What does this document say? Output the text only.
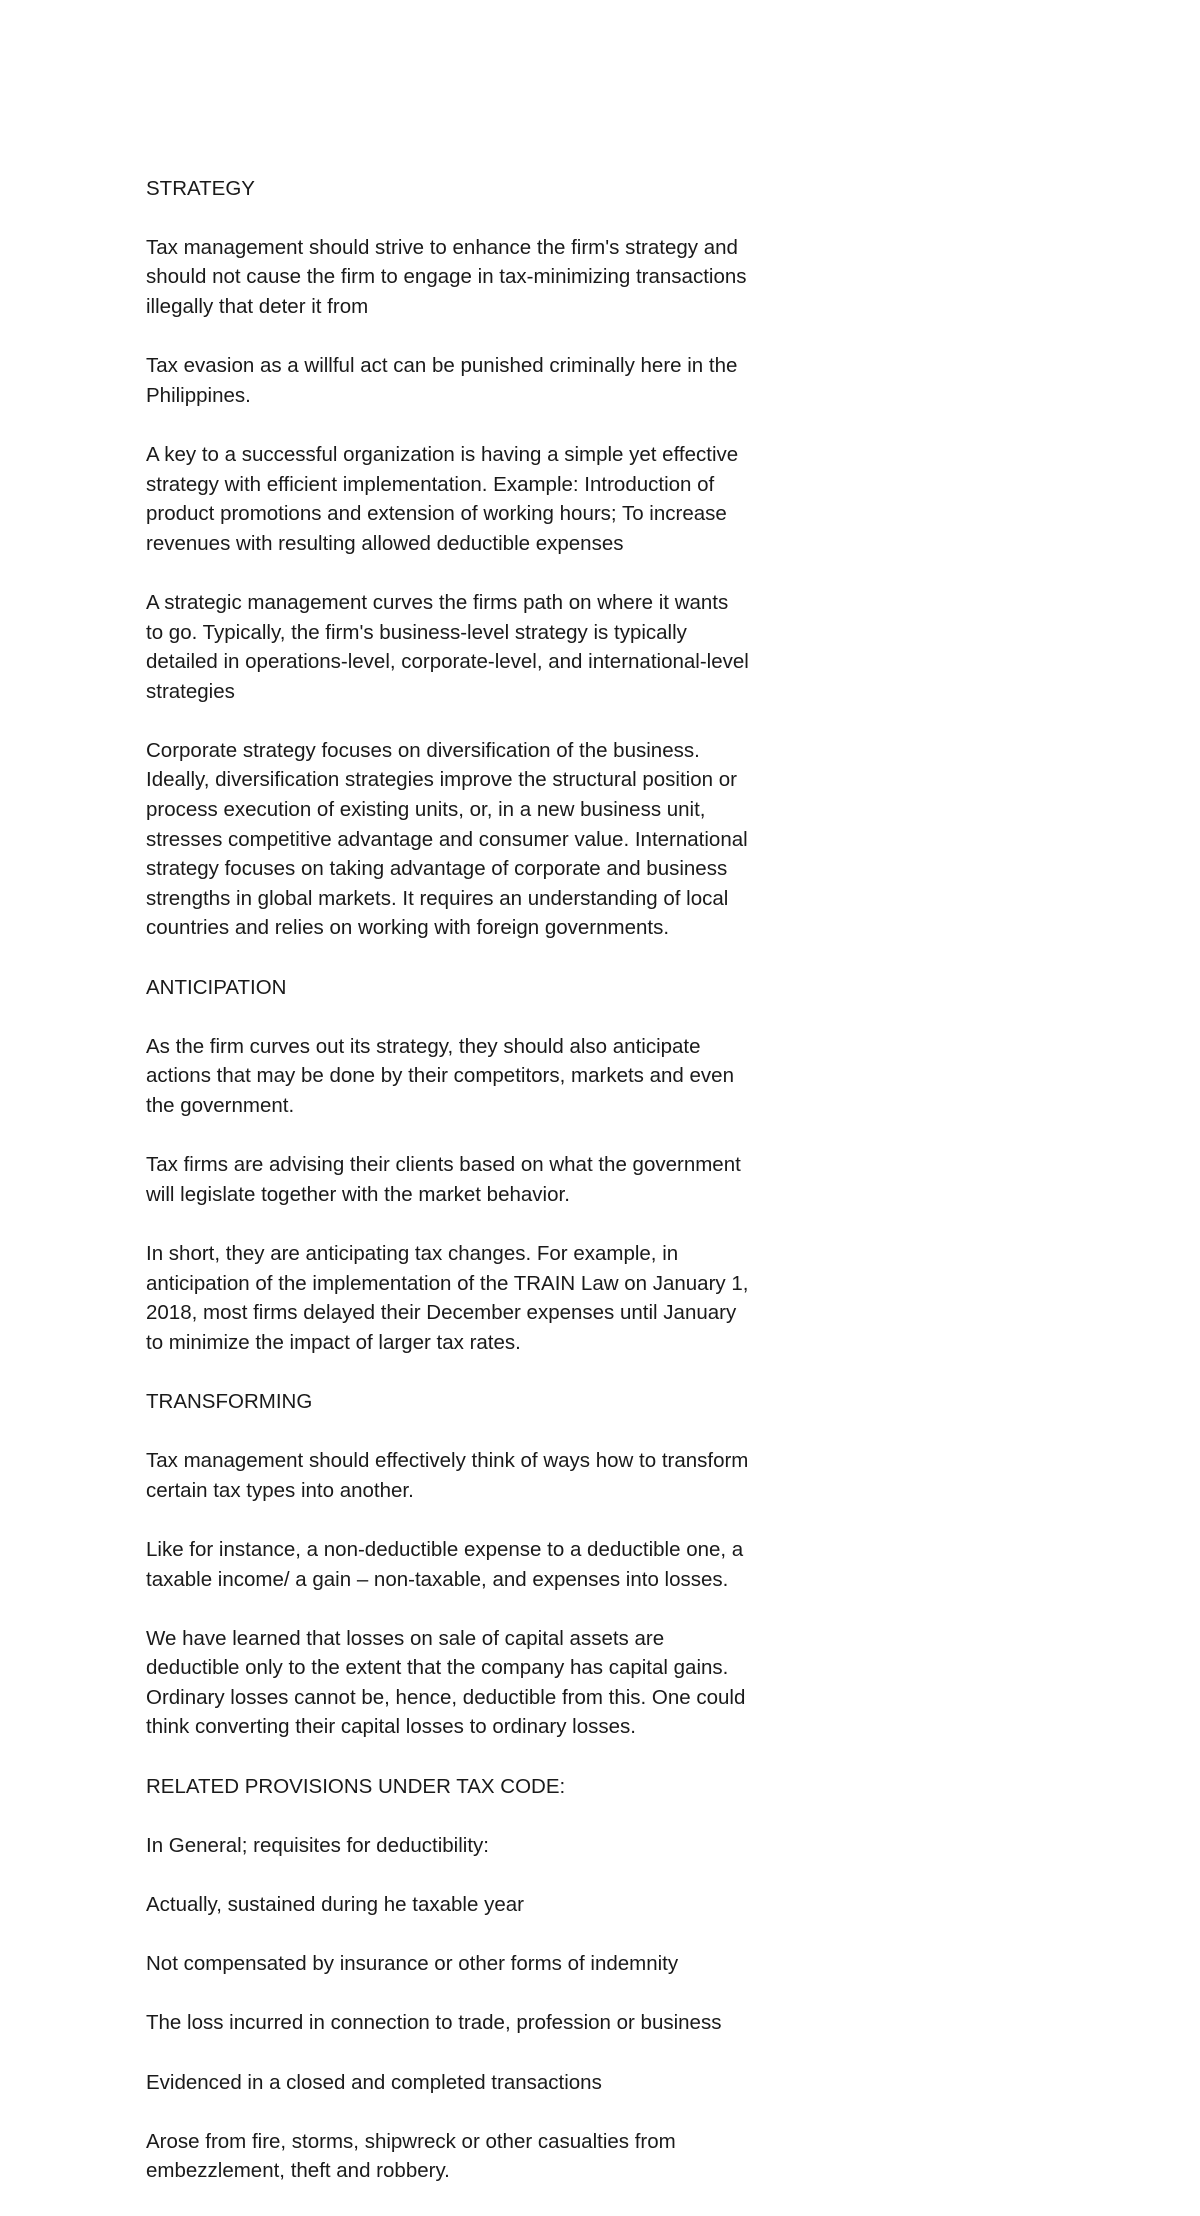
STRATEGY

Tax management should strive to enhance the firm's strategy and
should not cause the firm to engage in tax-minimizing transactions
illegally that deter it from

Tax evasion as a willful act can be punished criminally here in the
Philippines.

A key to a successful organization is having a simple yet effective
strategy with efficient implementation. Example: Introduction of
product promotions and extension of working hours; To increase
revenues with resulting allowed deductible expenses

A strategic management curves the firms path on where it wants
to go. Typically, the firm's business-level strategy is typically
detailed in operations-level, corporate-level, and international-level
strategies

Corporate strategy focuses on diversification of the business.
Ideally, diversification strategies improve the structural position or
process execution of existing units, or, in a new business unit,
stresses competitive advantage and consumer value. International
strategy focuses on taking advantage of corporate and business
strengths in global markets. It requires an understanding of local
countries and relies on working with foreign governments.

ANTICIPATION

As the firm curves out its strategy, they should also anticipate
actions that may be done by their competitors, markets and even
the government.

Tax firms are advising their clients based on what the government
will legislate together with the market behavior.

In short, they are anticipating tax changes. For example, in
anticipation of the implementation of the TRAIN Law on January 1,
2018, most firms delayed their December expenses until January
to minimize the impact of larger tax rates.

TRANSFORMING

Tax management should effectively think of ways how to transform
certain tax types into another.

Like for instance, a non-deductible expense to a deductible one, a
taxable income/ a gain – non-taxable, and expenses into losses.

We have learned that losses on sale of capital assets are
deductible only to the extent that the company has capital gains.
Ordinary losses cannot be, hence, deductible from this. One could
think converting their capital losses to ordinary losses.

RELATED PROVISIONS UNDER TAX CODE:

In General; requisites for deductibility:

Actually, sustained during he taxable year

Not compensated by insurance or other forms of indemnity

The loss incurred in connection to trade, profession or business

Evidenced in a closed and completed transactions

Arose from fire, storms, shipwreck or other casualties from
embezzlement, theft and robbery.
